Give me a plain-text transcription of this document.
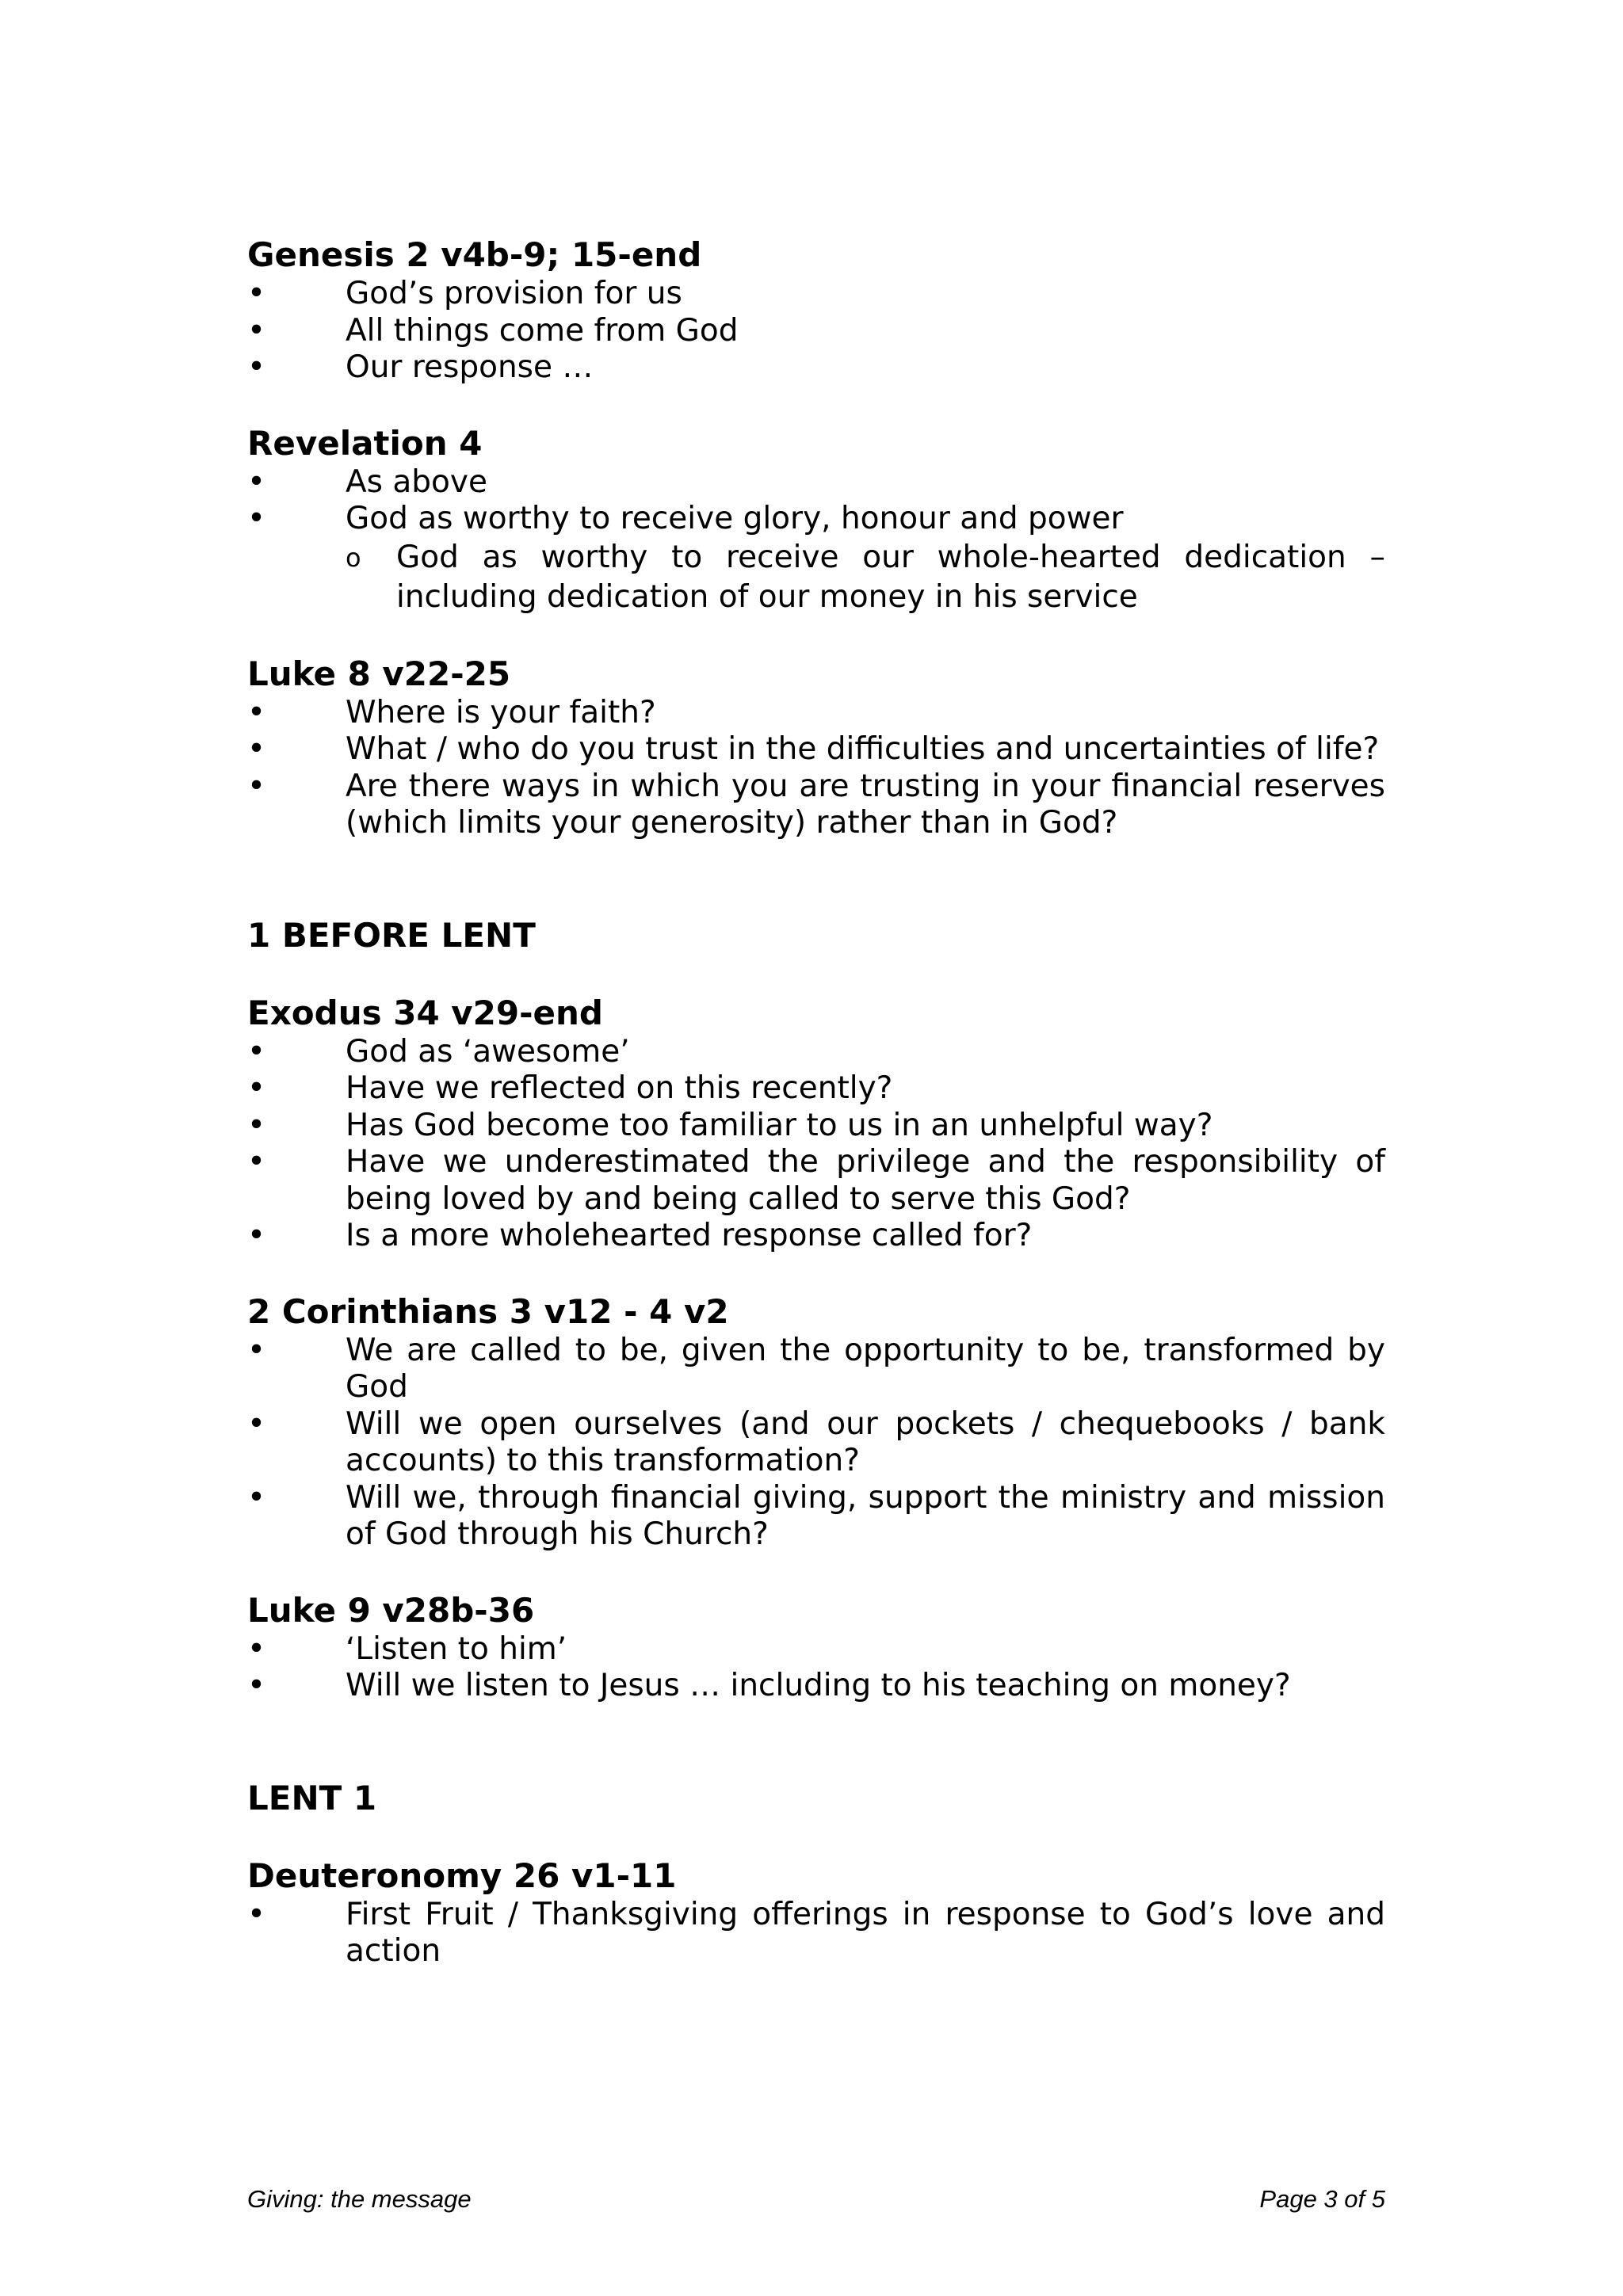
Genesis 2 v4b-9; 15-end
•	God’s provision for us
•	All things come from God
•	Our response …
Revelation 4
•	As above
•	God as worthy to receive glory, honour and power
o God as worthy to receive our whole-hearted dedication – including dedication of our money in his service
Luke 8 v22-25
•	Where is your faith?
•	What / who do you trust in the difficulties and uncertainties of life?
•	Are there ways in which you are trusting in your financial reserves (which limits your generosity) rather than in God?
1 BEFORE LENT
Exodus 34 v29-end
•	God as ‘awesome’
•	Have we reflected on this recently?
•	Has God become too familiar to us in an unhelpful way?
•	Have we underestimated the privilege and the responsibility of being loved by and being called to serve this God?
•	Is a more wholehearted response called for?
2 Corinthians 3 v12 - 4 v2
•	We are called to be, given the opportunity to be, transformed by God
•	Will we open ourselves (and our pockets / chequebooks / bank accounts) to this transformation?
•	Will we, through financial giving, support the ministry and mission of God through his Church?
Luke 9 v28b-36
•	‘Listen to him’
•	Will we listen to Jesus … including to his teaching on money?
LENT 1
Deuteronomy 26 v1-11
•	First Fruit / Thanksgiving offerings in response to God’s love and action
Giving: the message	Page 3 of 5
